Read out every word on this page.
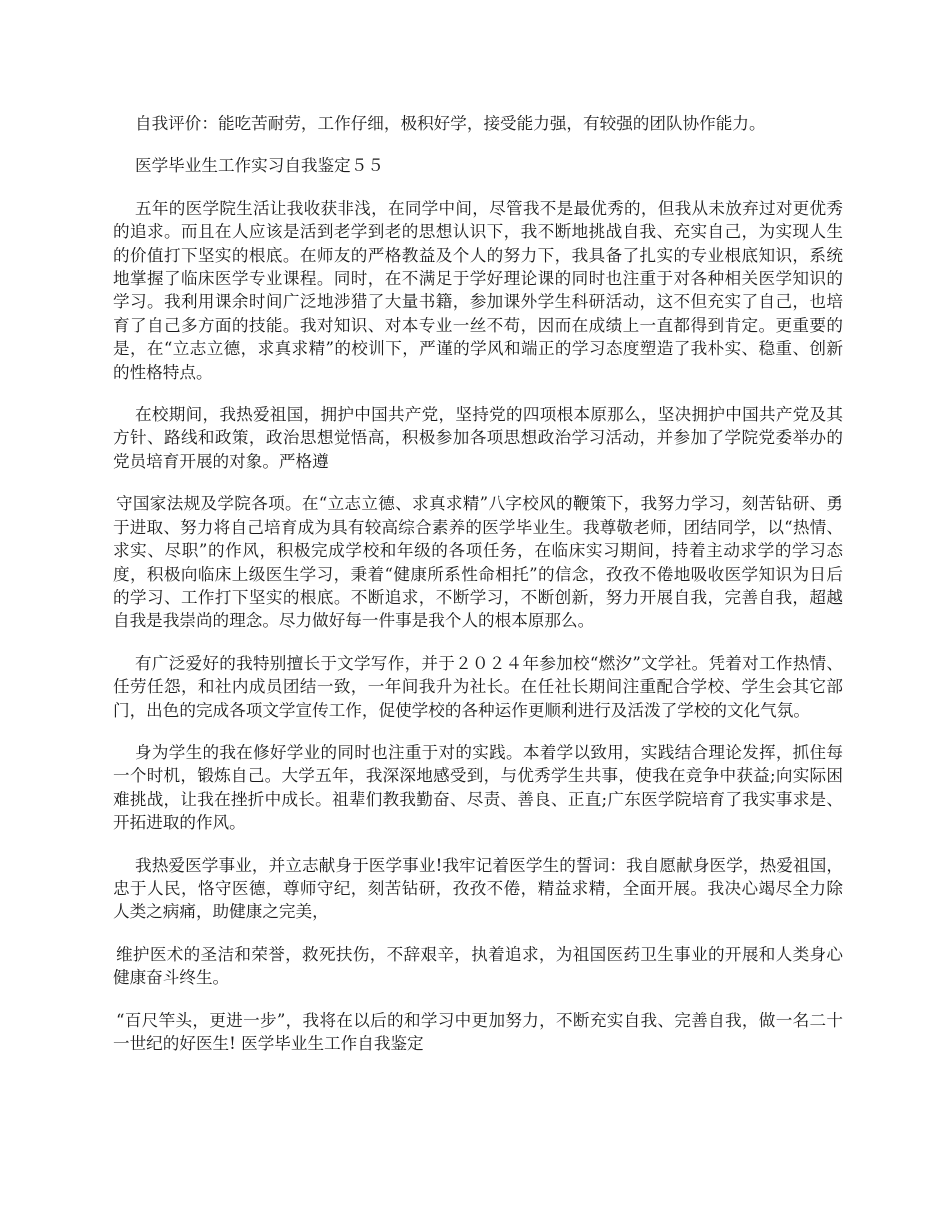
自我评价：能吃苦耐劳，工作仔细，极积好学，接受能力强，有较强的团队协作能力。

医学毕业生工作实习自我鉴定５５

五年的医学院生活让我收获非浅，在同学中间，尽管我不是最优秀的，但我从未放弃过对更优秀的追求。而且在人应该是活到老学到老的思想认识下，我不断地挑战自我、充实自己，为实现人生的价值打下坚实的根底。在师友的严格教益及个人的努力下，我具备了扎实的专业根底知识，系统地掌握了临床医学专业课程。同时，在不满足于学好理论课的同时也注重于对各种相关医学知识的学习。我利用课余时间广泛地涉猎了大量书籍，参加课外学生科研活动，这不但充实了自己，也培育了自己多方面的技能。我对知识、对本专业一丝不苟，因而在成绩上一直都得到肯定。更重要的是，在“立志立德，求真求精”的校训下，严谨的学风和端正的学习态度塑造了我朴实、稳重、创新的性格特点。

在校期间，我热爱祖国，拥护中国共产党，坚持党的四项根本原那么，坚决拥护中国共产党及其方针、路线和政策，政治思想觉悟高，积极参加各项思想政治学习活动，并参加了学院党委举办的党员培育开展的对象。严格遵

守国家法规及学院各项。在“立志立德、求真求精”八字校风的鞭策下，我努力学习，刻苦钻研、勇于进取、努力将自己培育成为具有较高综合素养的医学毕业生。我尊敬老师，团结同学，以“热情、求实、尽职”的作风，积极完成学校和年级的各项任务，在临床实习期间，持着主动求学的学习态度，积极向临床上级医生学习，秉着“健康所系性命相托”的信念，孜孜不倦地吸收医学知识为日后的学习、工作打下坚实的根底。不断追求，不断学习，不断创新，努力开展自我，完善自我，超越自我是我崇尚的理念。尽力做好每一件事是我个人的根本原那么。

有广泛爱好的我特别擅长于文学写作，并于２０２４年参加校“燃汐”文学社。凭着对工作热情、任劳任怨，和社内成员团结一致，一年间我升为社长。在任社长期间注重配合学校、学生会其它部门，出色的完成各项文学宣传工作，促使学校的各种运作更顺利进行及活泼了学校的文化气氛。

身为学生的我在修好学业的同时也注重于对的实践。本着学以致用，实践结合理论发挥，抓住每一个时机，锻炼自己。大学五年，我深深地感受到，与优秀学生共事，使我在竞争中获益;向实际困难挑战，让我在挫折中成长。祖辈们教我勤奋、尽责、善良、正直;广东医学院培育了我实事求是、开拓进取的作风。

我热爱医学事业，并立志献身于医学事业!我牢记着医学生的誓词：我自愿献身医学，热爱祖国，忠于人民，恪守医德，尊师守纪，刻苦钻研，孜孜不倦，精益求精，全面开展。我决心竭尽全力除人类之病痛，助健康之完美，

维护医术的圣洁和荣誉，救死扶伤，不辞艰辛，执着追求，为祖国医药卫生事业的开展和人类身心健康奋斗终生。

“百尺竿头，更进一步”，我将在以后的和学习中更加努力，不断充实自我、完善自我，做一名二十一世纪的好医生! 医学毕业生工作自我鉴定
